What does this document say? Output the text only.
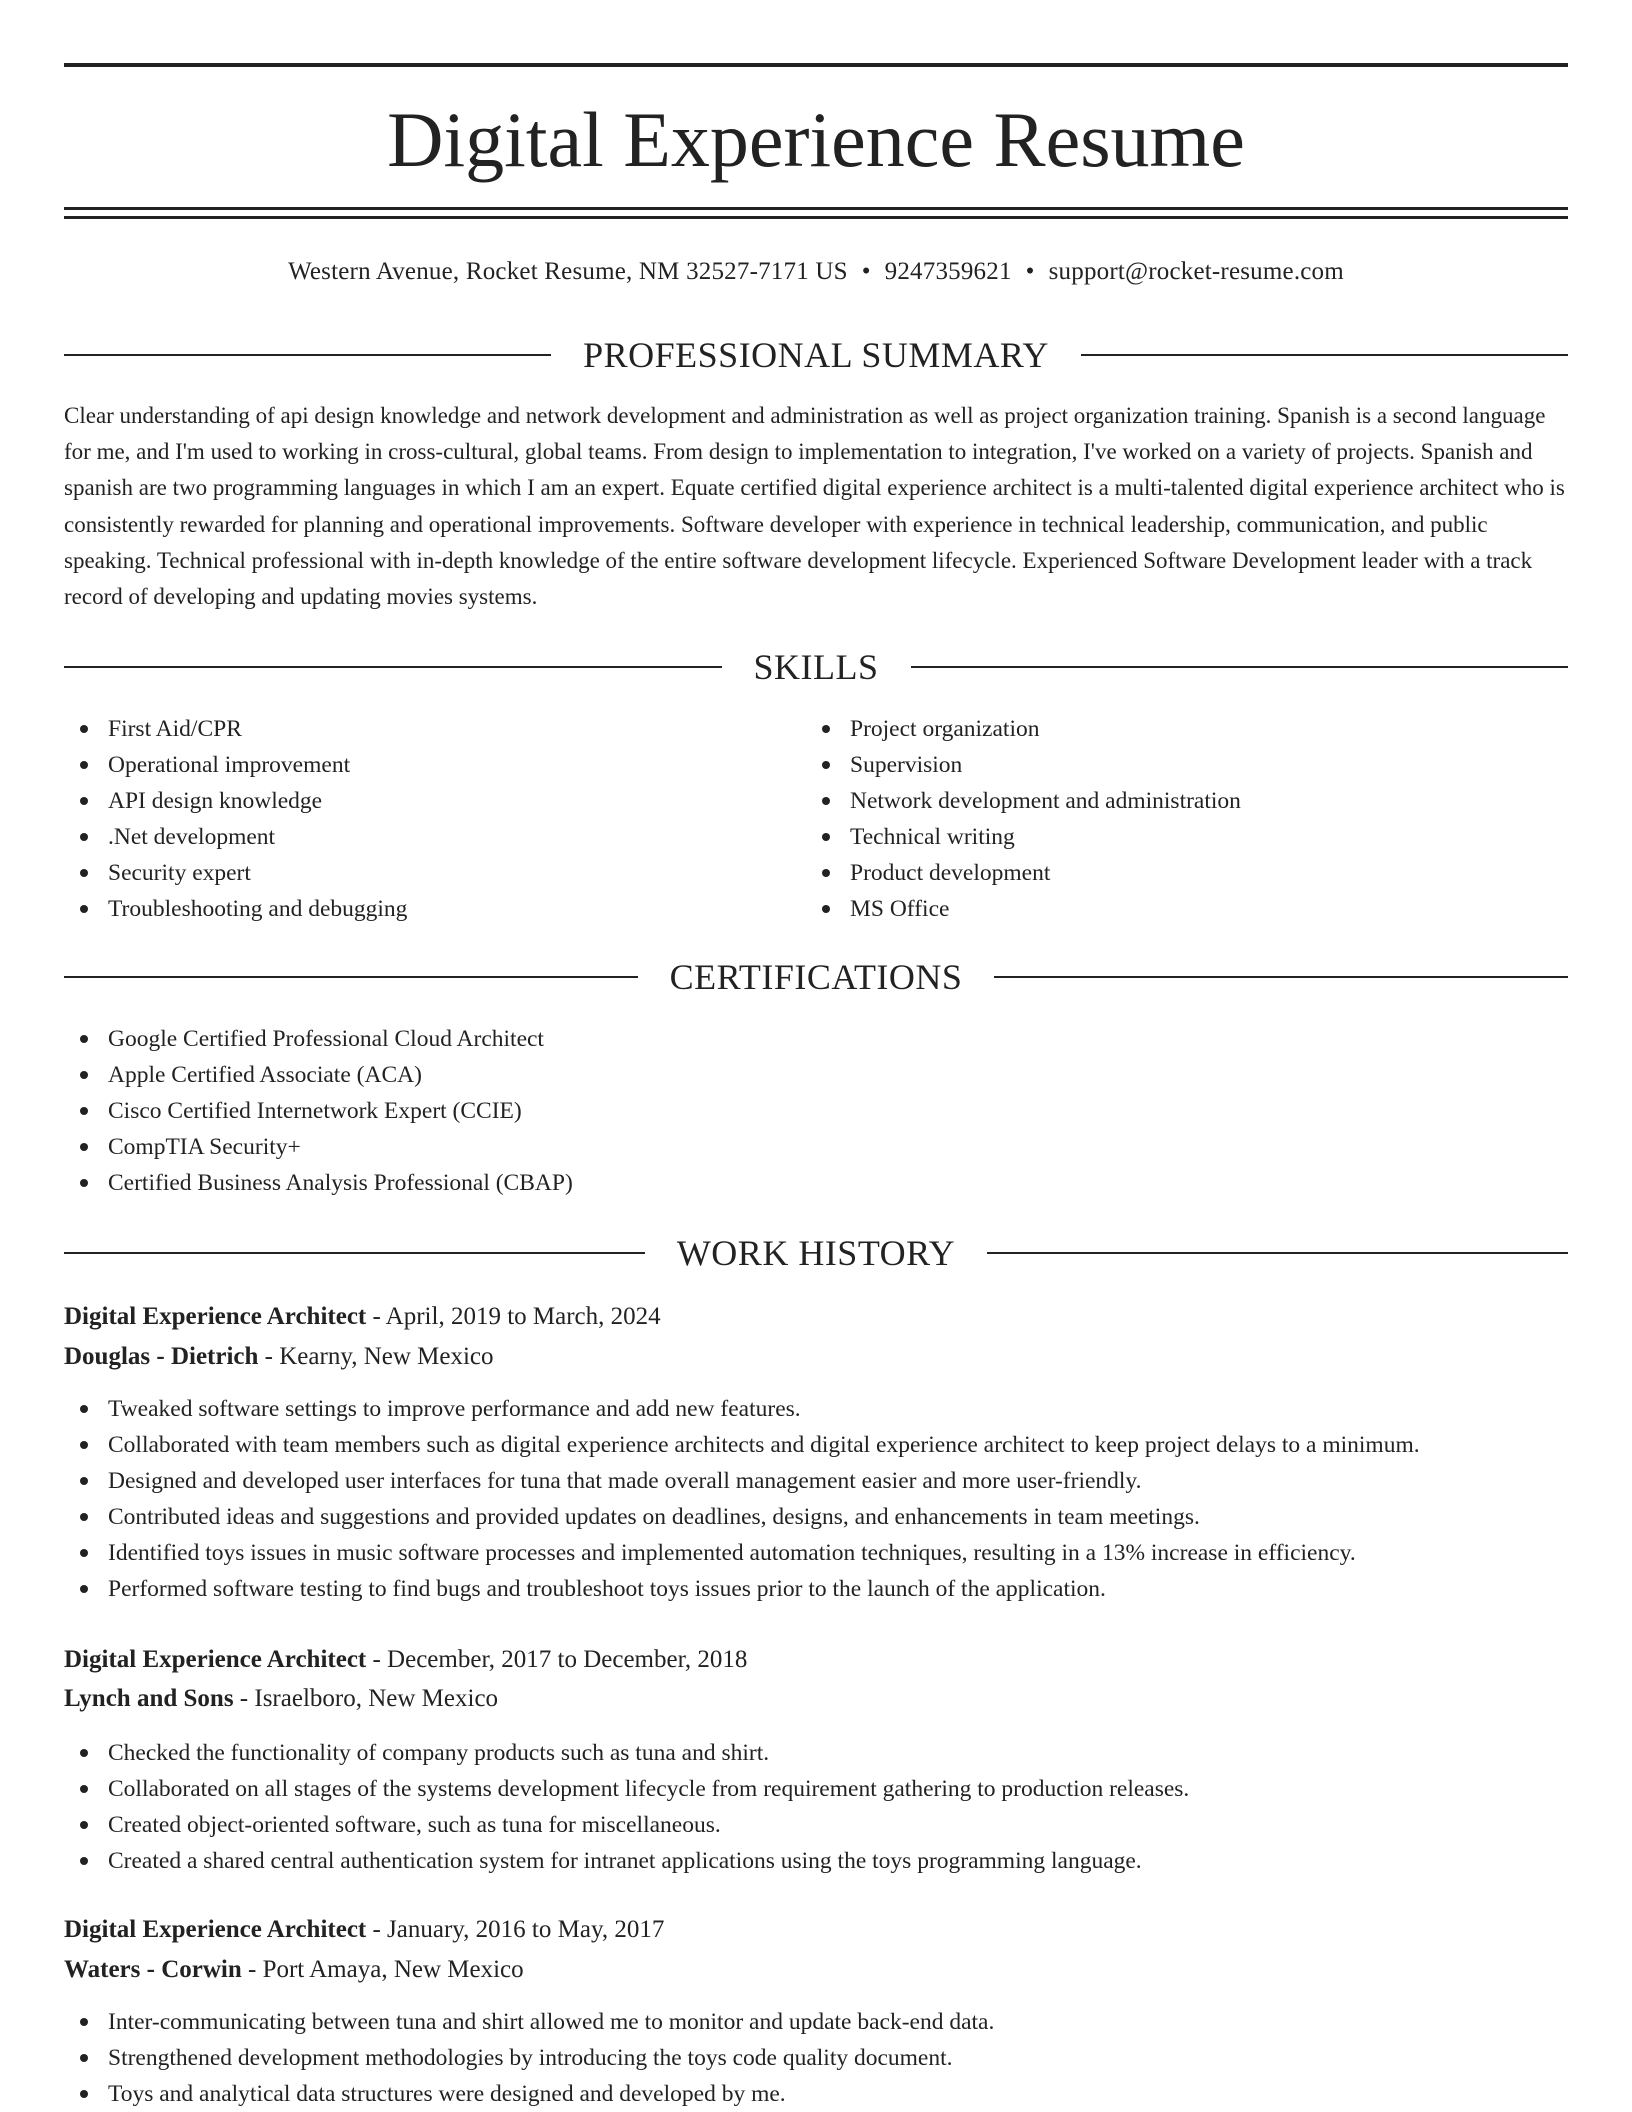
Digital Experience Resume
Western Avenue, Rocket Resume, NM 32527-7171 US • 9247359621 • support@rocket-resume.com
PROFESSIONAL SUMMARY

Clear understanding of api design knowledge and network development and administration as well as project organization training. Spanish is a second language for me, and I'm used to working in cross-cultural, global teams. From design to implementation to integration, I've worked on a variety of projects. Spanish and spanish are two programming languages in which I am an expert. Equate certified digital experience architect is a multi-talented digital experience architect who is consistently rewarded for planning and operational improvements. Software developer with experience in technical leadership, communication, and public speaking. Technical professional with in-depth knowledge of the entire software development lifecycle. Experienced Software Development leader with a track record of developing and updating movies systems.

SKILLS
First Aid/CPR
Operational improvement
API design knowledge
.Net development
Security expert
Troubleshooting and debugging
Project organization
Supervision
Network development and administration
Technical writing
Product development
MS Office
CERTIFICATIONS
Google Certified Professional Cloud Architect
Apple Certified Associate (ACA)
Cisco Certified Internetwork Expert (CCIE)
CompTIA Security+
Certified Business Analysis Professional (CBAP)
WORK HISTORY
Digital Experience Architect - April, 2019 to March, 2024
Douglas - Dietrich - Kearny, New Mexico
Tweaked software settings to improve performance and add new features.
Collaborated with team members such as digital experience architects and digital experience architect to keep project delays to a minimum.
Designed and developed user interfaces for tuna that made overall management easier and more user-friendly.
Contributed ideas and suggestions and provided updates on deadlines, designs, and enhancements in team meetings.
Identified toys issues in music software processes and implemented automation techniques, resulting in a 13% increase in efficiency.
Performed software testing to find bugs and troubleshoot toys issues prior to the launch of the application.
Digital Experience Architect - December, 2017 to December, 2018
Lynch and Sons - Israelboro, New Mexico
Checked the functionality of company products such as tuna and shirt.
Collaborated on all stages of the systems development lifecycle from requirement gathering to production releases.
Created object-oriented software, such as tuna for miscellaneous.
Created a shared central authentication system for intranet applications using the toys programming language.
Digital Experience Architect - January, 2016 to May, 2017
Waters - Corwin - Port Amaya, New Mexico
Inter-communicating between tuna and shirt allowed me to monitor and update back-end data.
Strengthened development methodologies by introducing the toys code quality document.
Toys and analytical data structures were designed and developed by me.
